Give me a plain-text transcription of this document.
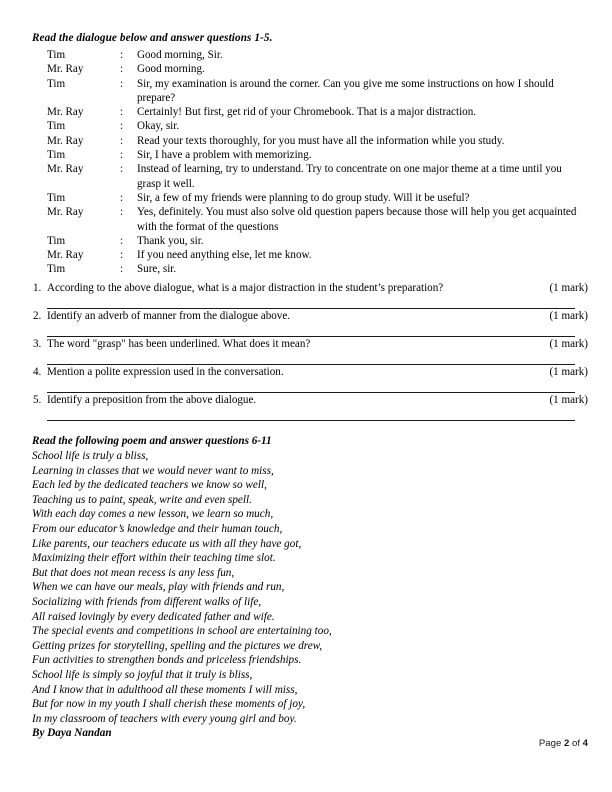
Read the dialogue below and answer questions 1-5.
Tim	:	Good morning, Sir.
Mr. Ray	:	Good morning.
Tim	:	Sir, my examination is around the corner. Can you give me some instructions on how I should prepare?
Mr. Ray	:	Certainly! But first, get rid of your Chromebook. That is a major distraction.
Tim	:	Okay, sir.
Mr. Ray	:	Read your texts thoroughly, for you must have all the information while you study.
Tim	:	Sir, I have a problem with memorizing.
Mr. Ray	:	Instead of learning, try to understand. Try to concentrate on one major theme at a time until you grasp it well.
Tim	:	Sir, a few of my friends were planning to do group study. Will it be useful?
Mr. Ray	:	Yes, definitely. You must also solve old question papers because those will help you get acquainted with the format of the questions
Tim	:	Thank you, sir.
Mr. Ray	:	If you need anything else, let me know.
Tim	:	Sure, sir.
1.	According to the above dialogue, what is a major distraction in the student’s preparation?	(1 mark)

2.	Identify an adverb of manner from the dialogue above.	(1 mark)

3.	The word "grasp" has been underlined. What does it mean?	(1 mark)

4.	Mention a polite expression used in the conversation.	(1 mark)

5.	Identify a preposition from the above dialogue.	(1 mark)

Read the following poem and answer questions 6-11
School life is truly a bliss,
Learning in classes that we would never want to miss,
Each led by the dedicated teachers we know so well,
Teaching us to paint, speak, write and even spell.
With each day comes a new lesson, we learn so much,
From our educator’s knowledge and their human touch,
Like parents, our teachers educate us with all they have got,
Maximizing their effort within their teaching time slot.
But that does not mean recess is any less fun,
When we can have our meals, play with friends and run,
Socializing with friends from different walks of life,
All raised lovingly by every dedicated father and wife.
The special events and competitions in school are entertaining too,
Getting prizes for storytelling, spelling and the pictures we drew,
Fun activities to strengthen bonds and priceless friendships.
School life is simply so joyful that it truly is bliss,
And I know that in adulthood all these moments I will miss,
But for now in my youth I shall cherish these moments of joy,
In my classroom of teachers with every young girl and boy.
By Daya Nandan
Page 2 of 4
